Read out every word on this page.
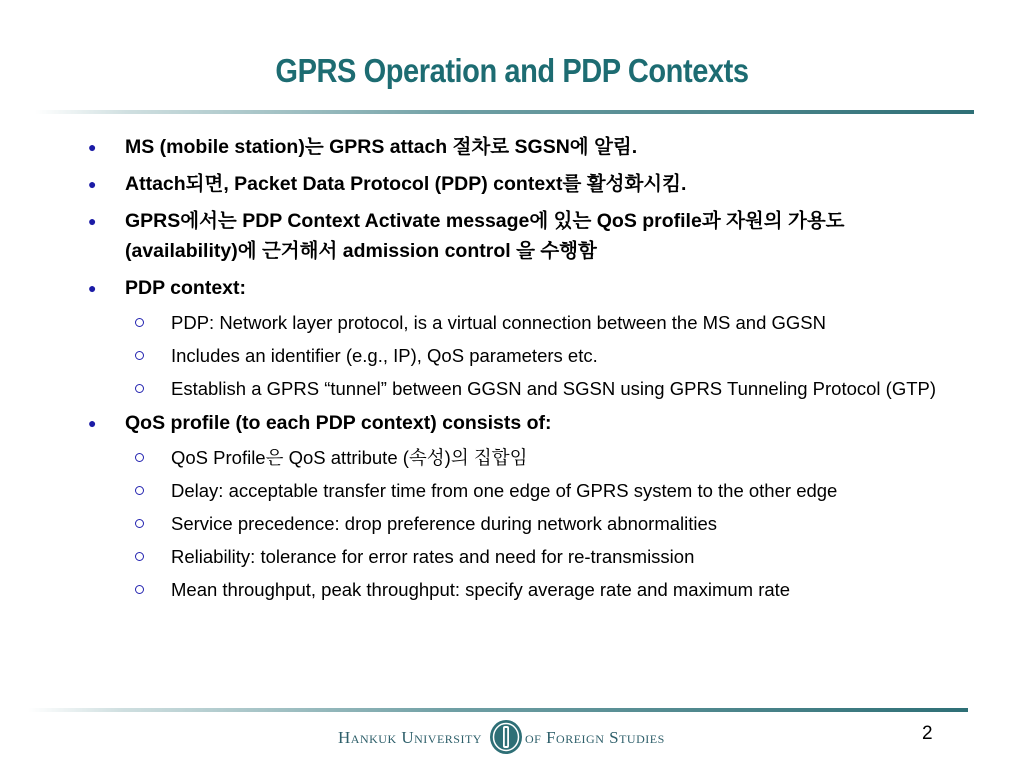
GPRS Operation and PDP Contexts
● MS (mobile station)는 GPRS attach 절차로 SGSN에 알림.
● Attach되면, Packet Data Protocol (PDP) context를 활성화시킴.
● GPRS에서는 PDP Context Activate message에 있는 QoS profile과 자원의 가용도(availability)에 근거해서 admission control 을 수행함
● PDP context:
PDP: Network layer protocol, is a virtual connection between the MS and GGSN
Includes an identifier (e.g., IP), QoS parameters etc.
Establish a GPRS “tunnel” between GGSN and SGSN using GPRS Tunneling Protocol (GTP)
● QoS profile (to each PDP context) consists of:
QoS Profile은 QoS attribute (속성)의 집합임
Delay: acceptable transfer time from one edge of GPRS system to the other edge
Service precedence: drop preference during network abnormalities
Reliability: tolerance for error rates and need for re-transmission
Mean throughput, peak throughput: specify average rate and maximum rate
Hankuk University	of Foreign Studies	2
